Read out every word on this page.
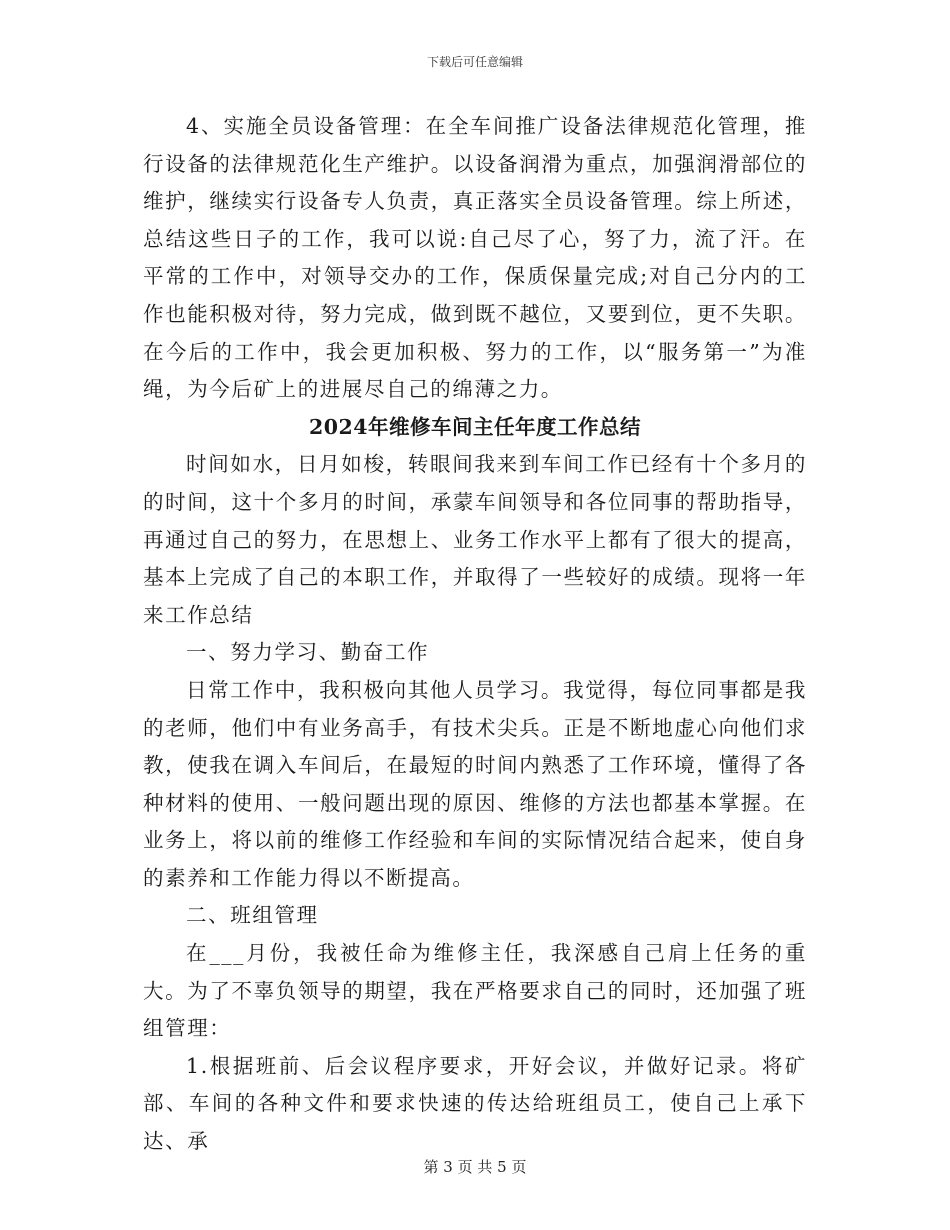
下载后可任意编辑

4、实施全员设备管理：在全车间推广设备法律规范化管理，推行设备的法律规范化生产维护。以设备润滑为重点，加强润滑部位的维护，继续实行设备专人负责，真正落实全员设备管理。综上所述，总结这些日子的工作，我可以说:自己尽了心，努了力，流了汗。在平常的工作中，对领导交办的工作，保质保量完成;对自己分内的工作也能积极对待，努力完成，做到既不越位，又要到位，更不失职。在今后的工作中，我会更加积极、努力的工作，以“服务第一”为准绳，为今后矿上的进展尽自己的绵薄之力。

2024年维修车间主任年度工作总结

时间如水，日月如梭，转眼间我来到车间工作已经有十个多月的的时间，这十个多月的时间，承蒙车间领导和各位同事的帮助指导，再通过自己的努力，在思想上、业务工作水平上都有了很大的提高，基本上完成了自己的本职工作，并取得了一些较好的成绩。现将一年来工作总结

一、努力学习、勤奋工作

日常工作中，我积极向其他人员学习。我觉得，每位同事都是我的老师，他们中有业务高手，有技术尖兵。正是不断地虚心向他们求教，使我在调入车间后，在最短的时间内熟悉了工作环境，懂得了各种材料的使用、一般问题出现的原因、维修的方法也都基本掌握。在业务上，将以前的维修工作经验和车间的实际情况结合起来，使自身的素养和工作能力得以不断提高。

二、班组管理

在___月份，我被任命为维修主任，我深感自己肩上任务的重大。为了不辜负领导的期望，我在严格要求自己的同时，还加强了班组管理：

1.根据班前、后会议程序要求，开好会议，并做好记录。将矿部、车间的各种文件和要求快速的传达给班组员工，使自己上承下达、承

第 3 页 共 5 页
